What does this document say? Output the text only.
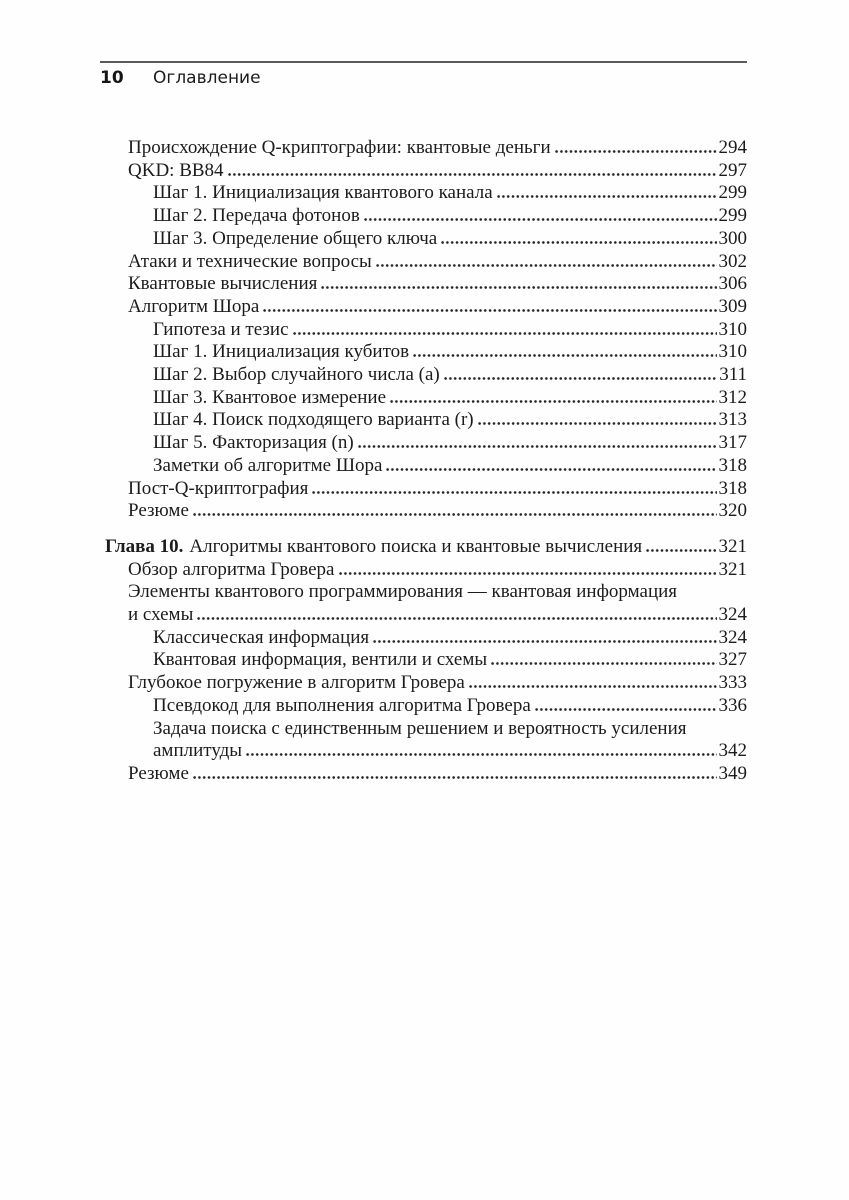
10 Оглавление
Происхождение Q-криптографии: квантовые деньги	294
QKD: BB84	297
Шаг 1. Инициализация квантового канала	299
Шаг 2. Передача фотонов	299
Шаг 3. Определение общего ключа	300
Атаки и технические вопросы	302
Квантовые вычисления	306
Алгоритм Шора	309
Гипотеза и тезис	310
Шаг 1. Инициализация кубитов	310
Шаг 2. Выбор случайного числа (a)	311
Шаг 3. Квантовое измерение	312
Шаг 4. Поиск подходящего варианта (r)	313
Шаг 5. Факторизация (n)	317
Заметки об алгоритме Шора	318
Пост-Q-криптография	318
Резюме	320
Глава 10. Алгоритмы квантового поиска и квантовые вычисления	321
Обзор алгоритма Гровера	321
Элементы квантового программирования — квантовая информация
и схемы	324
Классическая информация	324
Квантовая информация, вентили и схемы	327
Глубокое погружение в алгоритм Гровера	333
Псевдокод для выполнения алгоритма Гровера	336
Задача поиска с единственным решением и вероятность усиления
амплитуды	342
Резюме	349
